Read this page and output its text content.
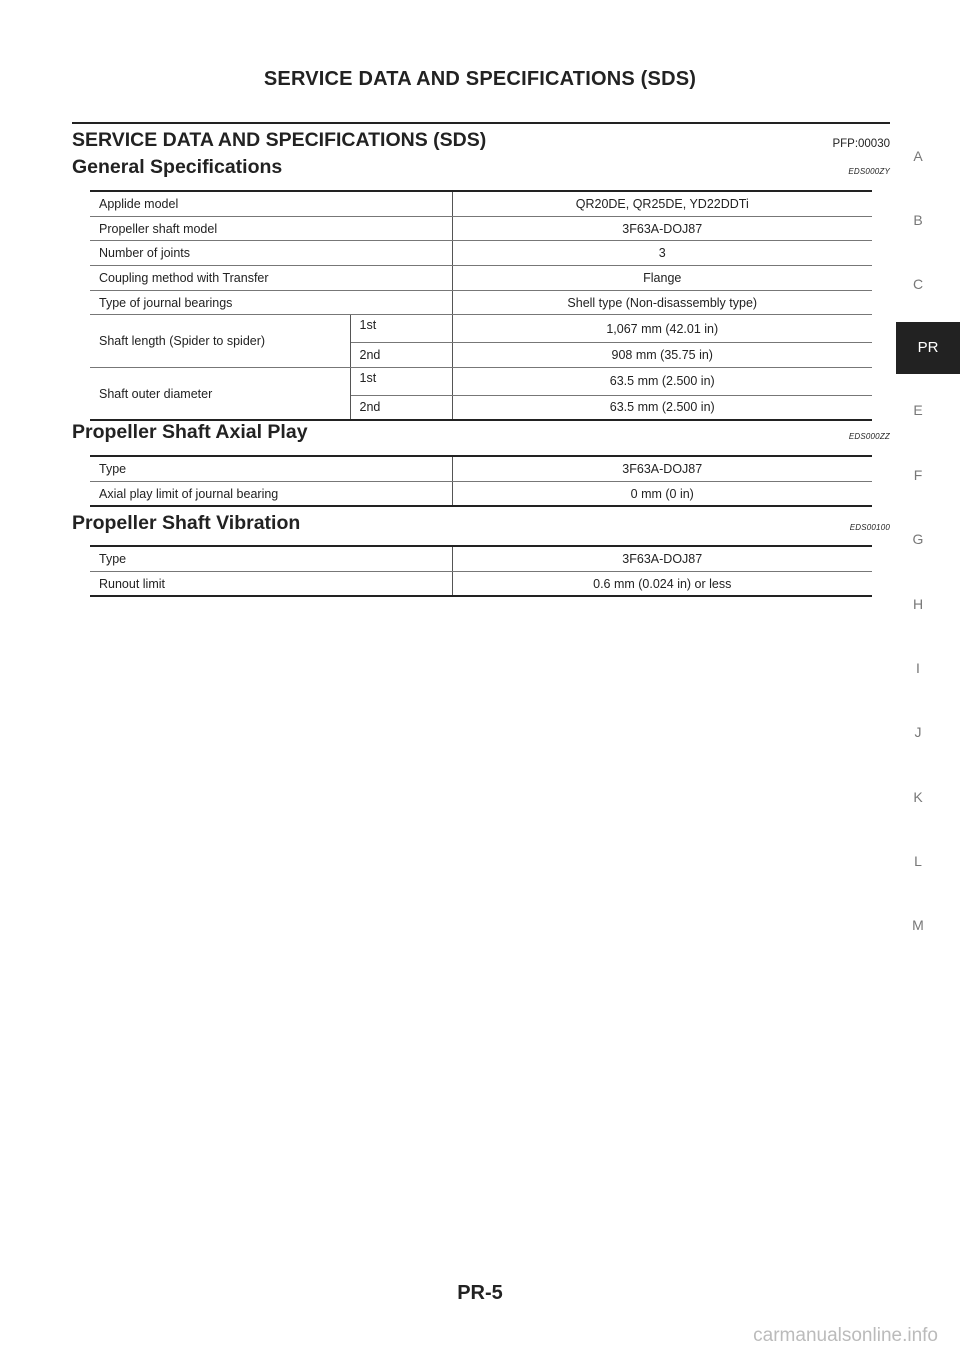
SERVICE DATA AND SPECIFICATIONS (SDS)
SERVICE DATA AND SPECIFICATIONS (SDS)	PFP:00030
General Specifications	EDS000ZY
Applide model		QR20DE, QR25DE, YD22DDTi
Propeller shaft model		3F63A-DOJ87
Number of joints		3
Coupling method with Transfer		Flange
Type of journal bearings		Shell type (Non-disassembly type)
Shaft length (Spider to spider)	1st	1,067 mm (42.01 in)
	2nd	908 mm (35.75 in)
Shaft outer diameter	1st	63.5 mm (2.500 in)
	2nd	63.5 mm (2.500 in)
Propeller Shaft Axial Play	EDS000ZZ
Type	3F63A-DOJ87
Axial play limit of journal bearing	0 mm (0 in)
Propeller Shaft Vibration	EDS00100
Type	3F63A-DOJ87
Runout limit	0.6 mm (0.024 in) or less
A
B
C
PR
E
F
G
H
I
J
K
L
M
PR-5
carmanualsonline.info
